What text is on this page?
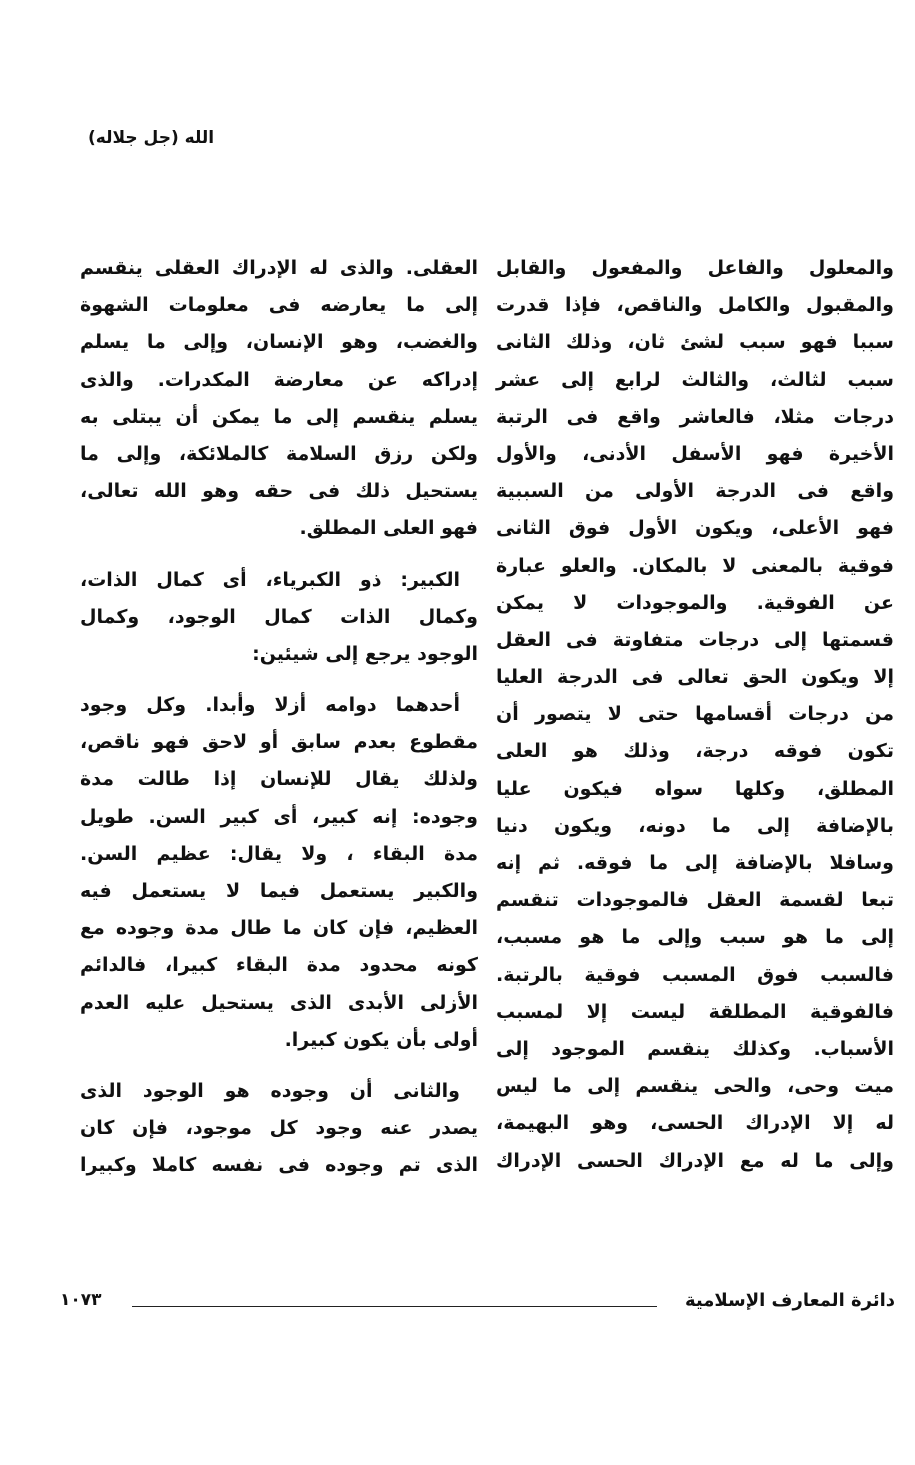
الله (جل جلاله)
والمعلول والفاعل والمفعول والقابل
والمقبول والكامل والناقص، فإذا قدرت
سببا فهو سبب لشئ ثان، وذلك الثانى
سبب لثالث، والثالث لرابع إلى عشر
درجات مثلا، فالعاشر واقع فى الرتبة
الأخيرة فهو الأسفل الأدنى، والأول
واقع فى الدرجة الأولى من السببية
فهو الأعلى، ويكون الأول فوق الثانى
فوقية بالمعنى لا بالمكان. والعلو عبارة
عن الفوقية. والموجودات لا يمكن
قسمتها إلى درجات متفاوتة فى العقل
إلا ويكون الحق تعالى فى الدرجة العليا
من درجات أقسامها حتى لا يتصور أن
تكون فوقه درجة، وذلك هو العلى
المطلق، وكلها سواه فيكون عليا
بالإضافة إلى ما دونه، ويكون دنيا
وسافلا بالإضافة إلى ما فوقه. ثم إنه
تبعا لقسمة العقل فالموجودات تنقسم
إلى ما هو سبب وإلى ما هو مسبب،
فالسبب فوق المسبب فوقية بالرتبة.
فالفوقية المطلقة ليست إلا لمسبب
الأسباب. وكذلك ينقسم الموجود إلى
ميت وحى، والحى ينقسم إلى ما ليس
له إلا الإدراك الحسى، وهو البهيمة،
وإلى ما له مع الإدراك الحسى الإدراك
العقلى. والذى له الإدراك العقلى ينقسم
إلى ما يعارضه فى معلومات الشهوة
والغضب، وهو الإنسان، وإلى ما يسلم
إدراكه عن معارضة المكدرات. والذى
يسلم ينقسم إلى ما يمكن أن يبتلى به
ولكن رزق السلامة كالملائكة، وإلى ما
يستحيل ذلك فى حقه وهو الله تعالى،
فهو العلى المطلق.
الكبير: ذو الكبرياء، أى كمال الذات،
وكمال الذات كمال الوجود، وكمال
الوجود يرجع إلى شيئين:
أحدهما دوامه أزلا وأبدا. وكل وجود
مقطوع بعدم سابق أو لاحق فهو ناقص،
ولذلك يقال للإنسان إذا طالت مدة
وجوده: إنه كبير، أى كبير السن. طويل
مدة البقاء ، ولا يقال: عظيم السن.
والكبير يستعمل فيما لا يستعمل فيه
العظيم، فإن كان ما طال مدة وجوده مع
كونه محدود مدة البقاء كبيرا، فالدائم
الأزلى الأبدى الذى يستحيل عليه العدم
أولى بأن يكون كبيرا.
والثانى أن وجوده هو الوجود الذى
يصدر عنه وجود كل موجود، فإن كان
الذى تم وجوده فى نفسه كاملا وكبيرا
دائرة المعارف الإسلامية
١٠٧٣
